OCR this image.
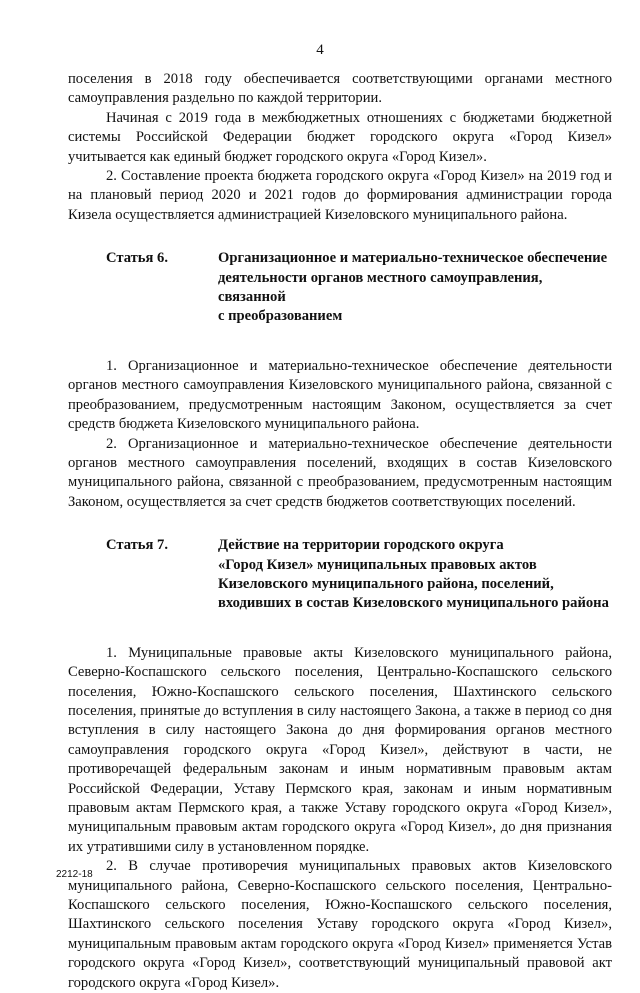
4

поселения в 2018 году обеспечивается соответствующими органами местного самоуправления раздельно по каждой территории.

Начиная с 2019 года в межбюджетных отношениях с бюджетами бюджетной системы Российской Федерации бюджет городского округа «Город Кизел» учитывается как единый бюджет городского округа «Город Кизел».

2. Составление проекта бюджета городского округа «Город Кизел» на 2019 год и на плановый период 2020 и 2021 годов до формирования администрации города Кизела осуществляется администрацией Кизеловского муниципального района.

Статья 6.	Организационное и материально-техническое обеспечение
деятельности органов местного самоуправления, связанной
с преобразованием

1. Организационное и материально-техническое обеспечение деятельности органов местного самоуправления Кизеловского муниципального района, связанной с преобразованием, предусмотренным настоящим Законом, осуществляется за счет средств бюджета Кизеловского муниципального района.

2. Организационное и материально-техническое обеспечение деятельности органов местного самоуправления поселений, входящих в состав Кизеловского муниципального района, связанной с преобразованием, предусмотренным настоящим Законом, осуществляется за счет средств бюджетов соответствующих поселений.

Статья 7.	Действие на территории городского округа
«Город Кизел» муниципальных правовых актов
Кизеловского муниципального района, поселений,
входивших в состав Кизеловского муниципального района

1. Муниципальные правовые акты Кизеловского муниципального района, Северно-Коспашского сельского поселения, Центрально-Коспашского сельского поселения, Южно-Коспашского сельского поселения, Шахтинского сельского поселения, принятые до вступления в силу настоящего Закона, а также в период со дня вступления в силу настоящего Закона до дня формирования органов местного самоуправления городского округа «Город Кизел», действуют в части, не противоречащей федеральным законам и иным нормативным правовым актам Российской Федерации, Уставу Пермского края, законам и иным нормативным правовым актам Пермского края, а также Уставу городского округа «Город Кизел», муниципальным правовым актам городского округа «Город Кизел», до дня признания их утратившими силу в установленном порядке.

2. В случае противоречия муниципальных правовых актов Кизеловского муниципального района, Северно-Коспашского сельского поселения, Центрально-Коспашского сельского поселения, Южно-Коспашского сельского поселения, Шахтинского сельского поселения Уставу городского округа «Город Кизел», муниципальным правовым актам городского округа «Город Кизел» применяется Устав городского округа «Город Кизел», соответствующий муниципальный правовой акт городского округа «Город Кизел».

2212-18
